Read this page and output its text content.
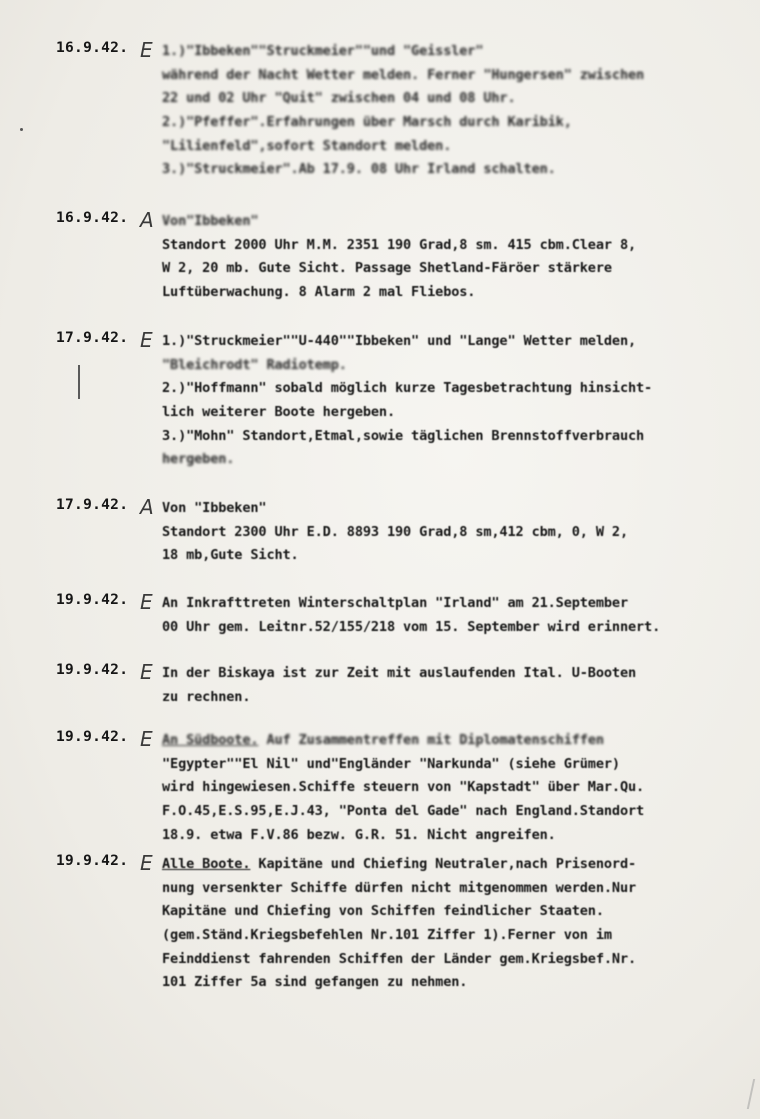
16.9.42. E 1.)"Ibbeken""Struckmeier""und "Geissler"
während der Nacht Wetter melden. Ferner "Hungersen" zwischen
22 und 02 Uhr "Quit" zwischen 04 und 08 Uhr.
2.)"Pfeffer".Erfahrungen über Marsch durch Karibik,
"Lilienfeld",sofort Standort melden.
3.)"Struckmeier".Ab 17.9. 08 Uhr Irland schalten.
16.9.42. A Von"Ibbeken"
Standort 2000 Uhr M.M. 2351 190 Grad,8 sm. 415 cbm.Clear 8,
W 2, 20 mb. Gute Sicht. Passage Shetland-Färöer stärkere
Luftüberwachung. 8 Alarm 2 mal Fliebos.
17.9.42. E 1.)"Struckmeier""U-440""Ibbeken" und "Lange" Wetter melden,
"Bleichrodt" Radiotemp.
2.)"Hoffmann" sobald möglich kurze Tagesbetrachtung hinsicht-
lich weiterer Boote hergeben.
3.)"Mohn" Standort,Etmal,sowie täglichen Brennstoffverbrauch
hergeben.
17.9.42. A Von "Ibbeken"
Standort 2300 Uhr E.D. 8893 190 Grad,8 sm,412 cbm, 0, W 2,
18 mb,Gute Sicht.
19.9.42. E An Inkrafttreten Winterschaltplan "Irland" am 21.September
00 Uhr gem. Leitnr.52/155/218 vom 15. September wird erinnert.
19.9.42. E In der Biskaya ist zur Zeit mit auslaufenden Ital. U-Booten
zu rechnen.
19.9.42. E An Südboote. Auf Zusammentreffen mit Diplomatenschiffen
"Egypter""El Nil" und"Engländer "Narkunda" (siehe Grümer)
wird hingewiesen.Schiffe steuern von "Kapstadt" über Mar.Qu.
F.O.45,E.S.95,E.J.43, "Ponta del Gade" nach England.Standort
18.9. etwa F.V.86 bezw. G.R. 51. Nicht angreifen.
19.9.42. E Alle Boote. Kapitäne und Chiefing Neutraler,nach Prisenord-
nung versenkter Schiffe dürfen nicht mitgenommen werden.Nur
Kapitäne und Chiefing von Schiffen feindlicher Staaten.
(gem.Ständ.Kriegsbefehlen Nr.101 Ziffer 1).Ferner von im
Feinddienst fahrenden Schiffen der Länder gem.Kriegsbef.Nr.
101 Ziffer 5a sind gefangen zu nehmen.
